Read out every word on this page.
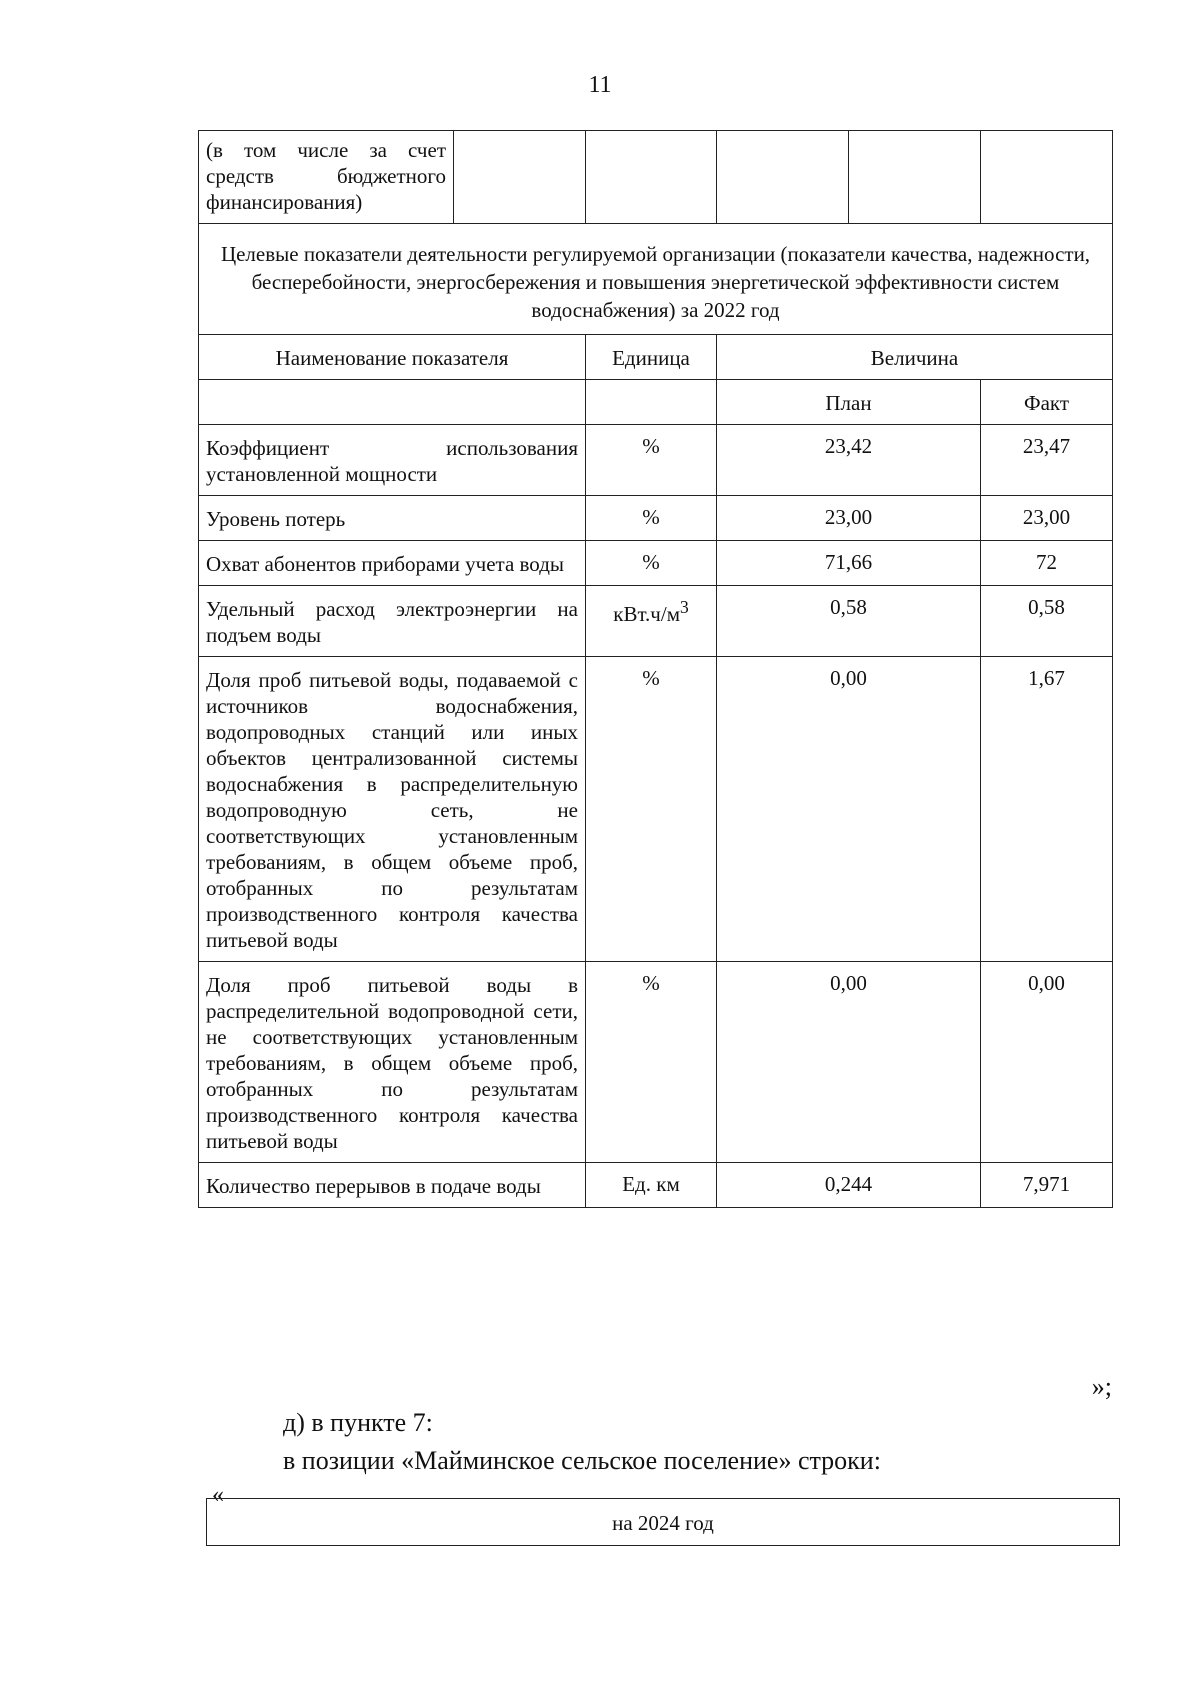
11
(в том числе за счет средств бюджетного финансирования)					
Целевые показатели деятельности регулируемой организации (показатели качества, надежности, бесперебойности, энергосбережения и повышения энергетической эффективности систем водоснабжения) за 2022 год					
Наименование показателя		Единица	Величина		
			План		Факт
Коэффициент использования установленной мощности		%	23,42		23,47
Уровень потерь		%	23,00		23,00
Охват абонентов приборами учета воды		%	71,66		72
Удельный расход электроэнергии на подъем воды		$кВт.ч/м^3$	0,58		0,58
Доля проб питьевой воды, подаваемой с источников водоснабжения, водопроводных станций или иных объектов централизованной системы водоснабжения в распределительную водопроводную сеть, не соответствующих установленным требованиям, в общем объеме проб, отобранных по результатам производственного контроля качества питьевой воды		%	0,00		1,67
Доля проб питьевой воды в распределительной водопроводной сети, не соответствующих установленным требованиям, в общем объеме проб, отобранных по результатам производственного контроля качества питьевой воды		%	0,00		0,00
Количество перерывов в подаче воды		Ед. км	0,244		7,971
»;
д) в пункте 7:
в позиции «Майминское сельское поселение» строки:
«
на 2024 год
